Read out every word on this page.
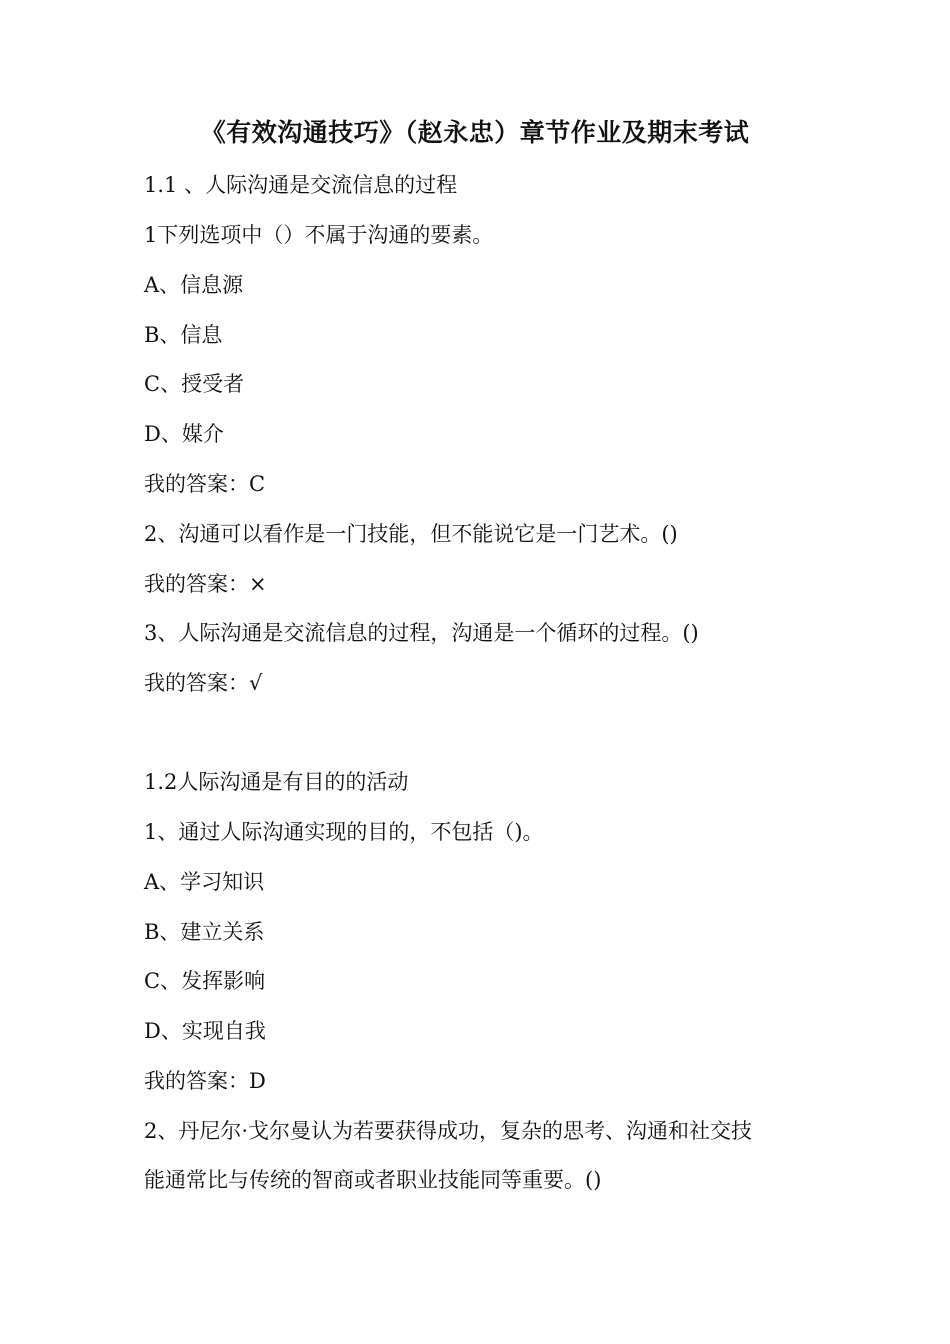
《有效沟通技巧》（赵永忠）章节作业及期末考试

1.1 、人际沟通是交流信息的过程

1下列选项中（）不属于沟通的要素。

A、信息源

B、信息

C、授受者

D、媒介

我的答案：C

2、沟通可以看作是一门技能，但不能说它是一门艺术。()

我的答案：×

3、人际沟通是交流信息的过程，沟通是一个循环的过程。()

我的答案：√

1.2人际沟通是有目的的活动

1、通过人际沟通实现的目的，不包括（)。

A、学习知识

B、建立关系

C、发挥影响

D、实现自我

我的答案：D

2、丹尼尔·戈尔曼认为若要获得成功，复杂的思考、沟通和社交技

能通常比与传统的智商或者职业技能同等重要。()
